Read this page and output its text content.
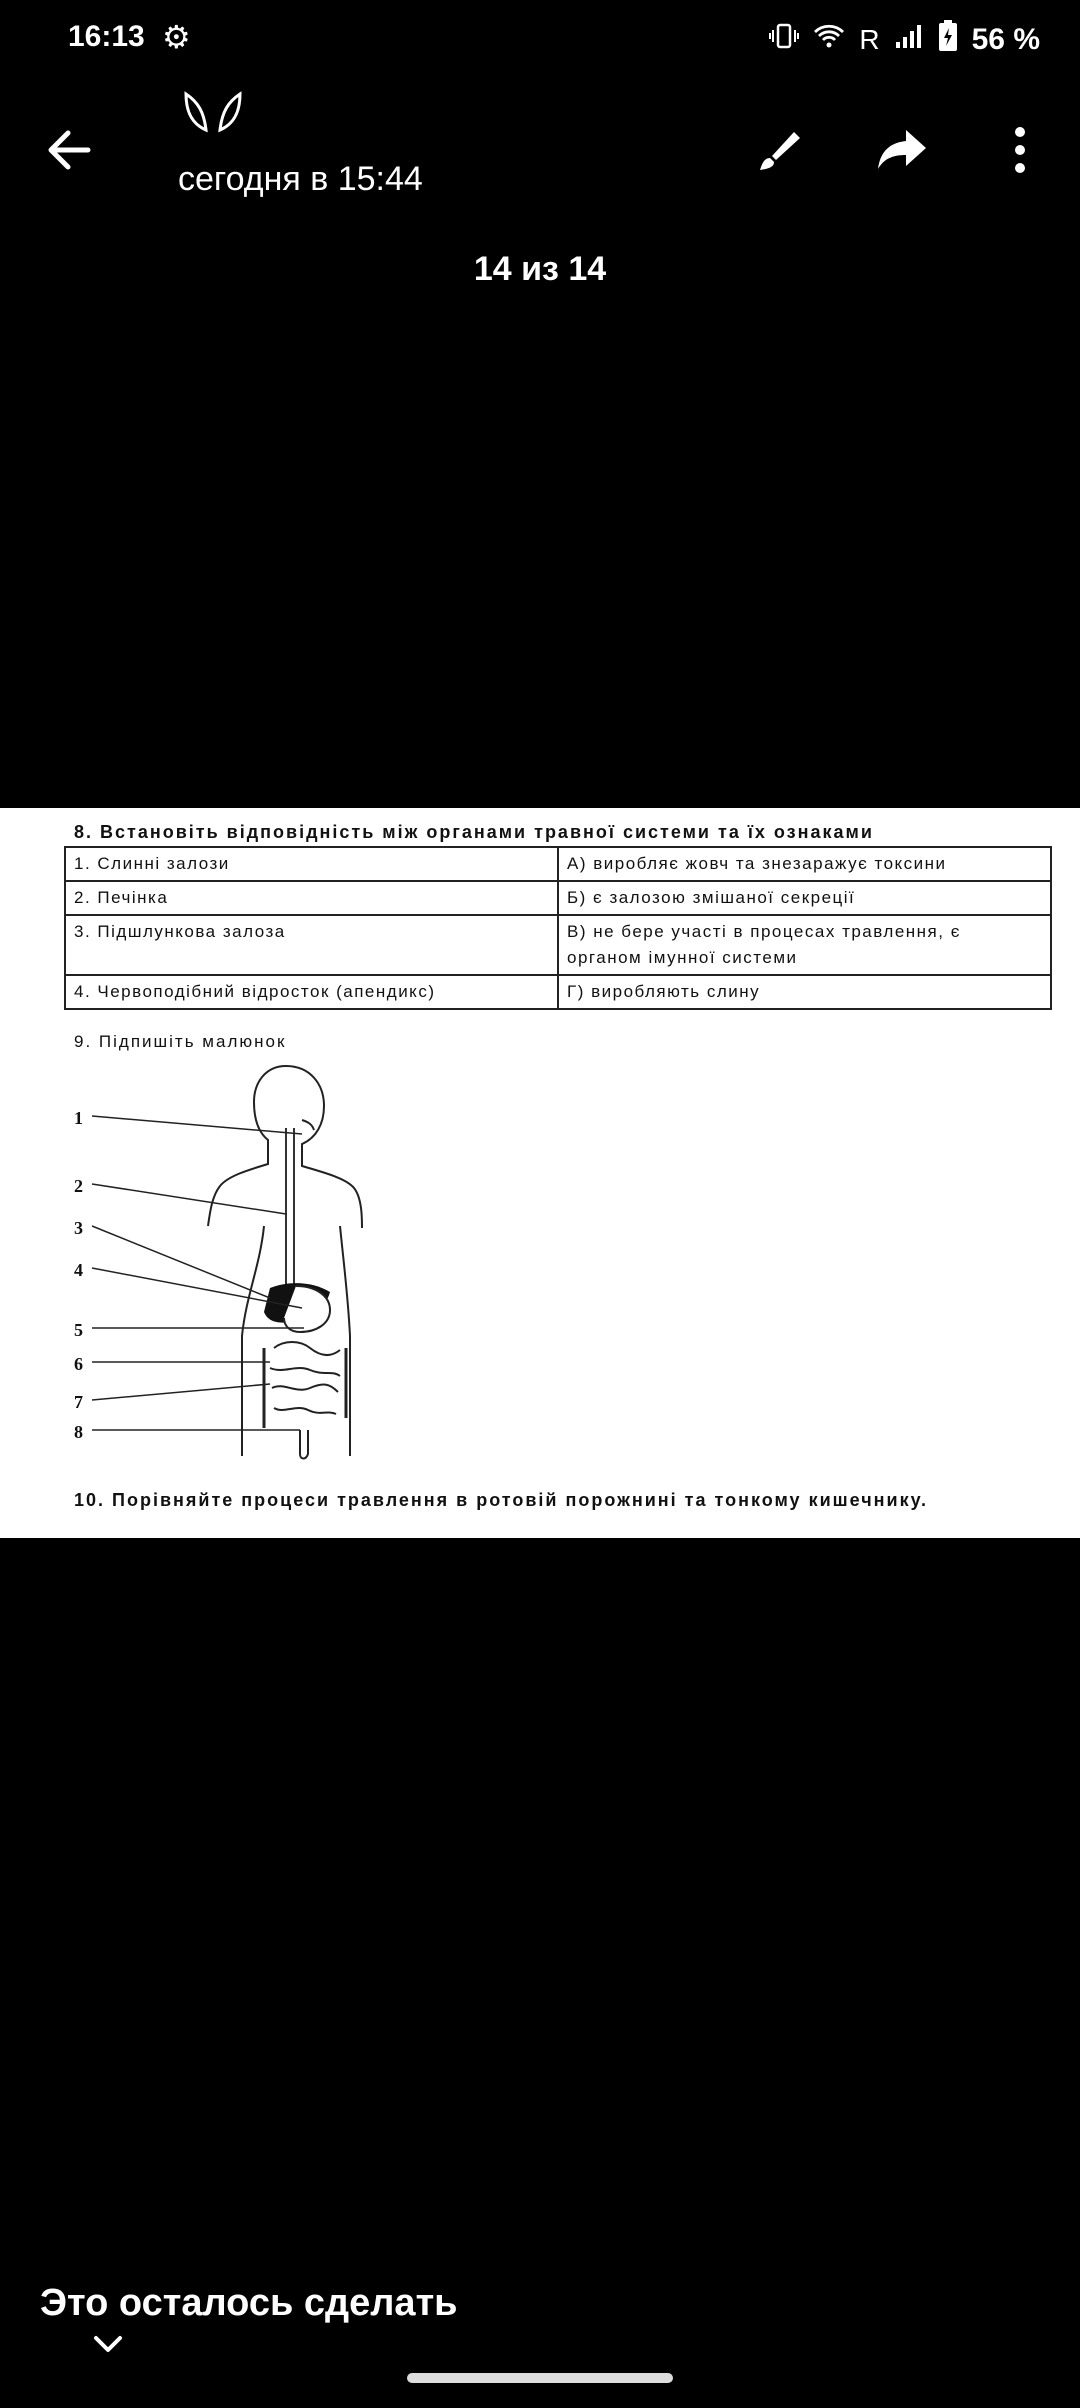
16:13 ⚙	R	56 %
сегодня в 15:44
14 из 14
8. Встановіть відповідність між органами травної системи та їх ознаками
1. Слинні залози	А) виробляє жовч та знезаражує токсини
2. Печінка	Б) є залозою змішаної секреції
3. Підшлункова залоза	В) не бере участі в процесах травлення, є органом імунної системи
4. Червоподібний відросток (апендикс)	Г) виробляють слину
9. Підпишіть малюнок
1
2
3
4
5
6
7
8
10. Порівняйте процеси травлення в ротовій порожнині та тонкому кишечнику.
Это осталось сделать
